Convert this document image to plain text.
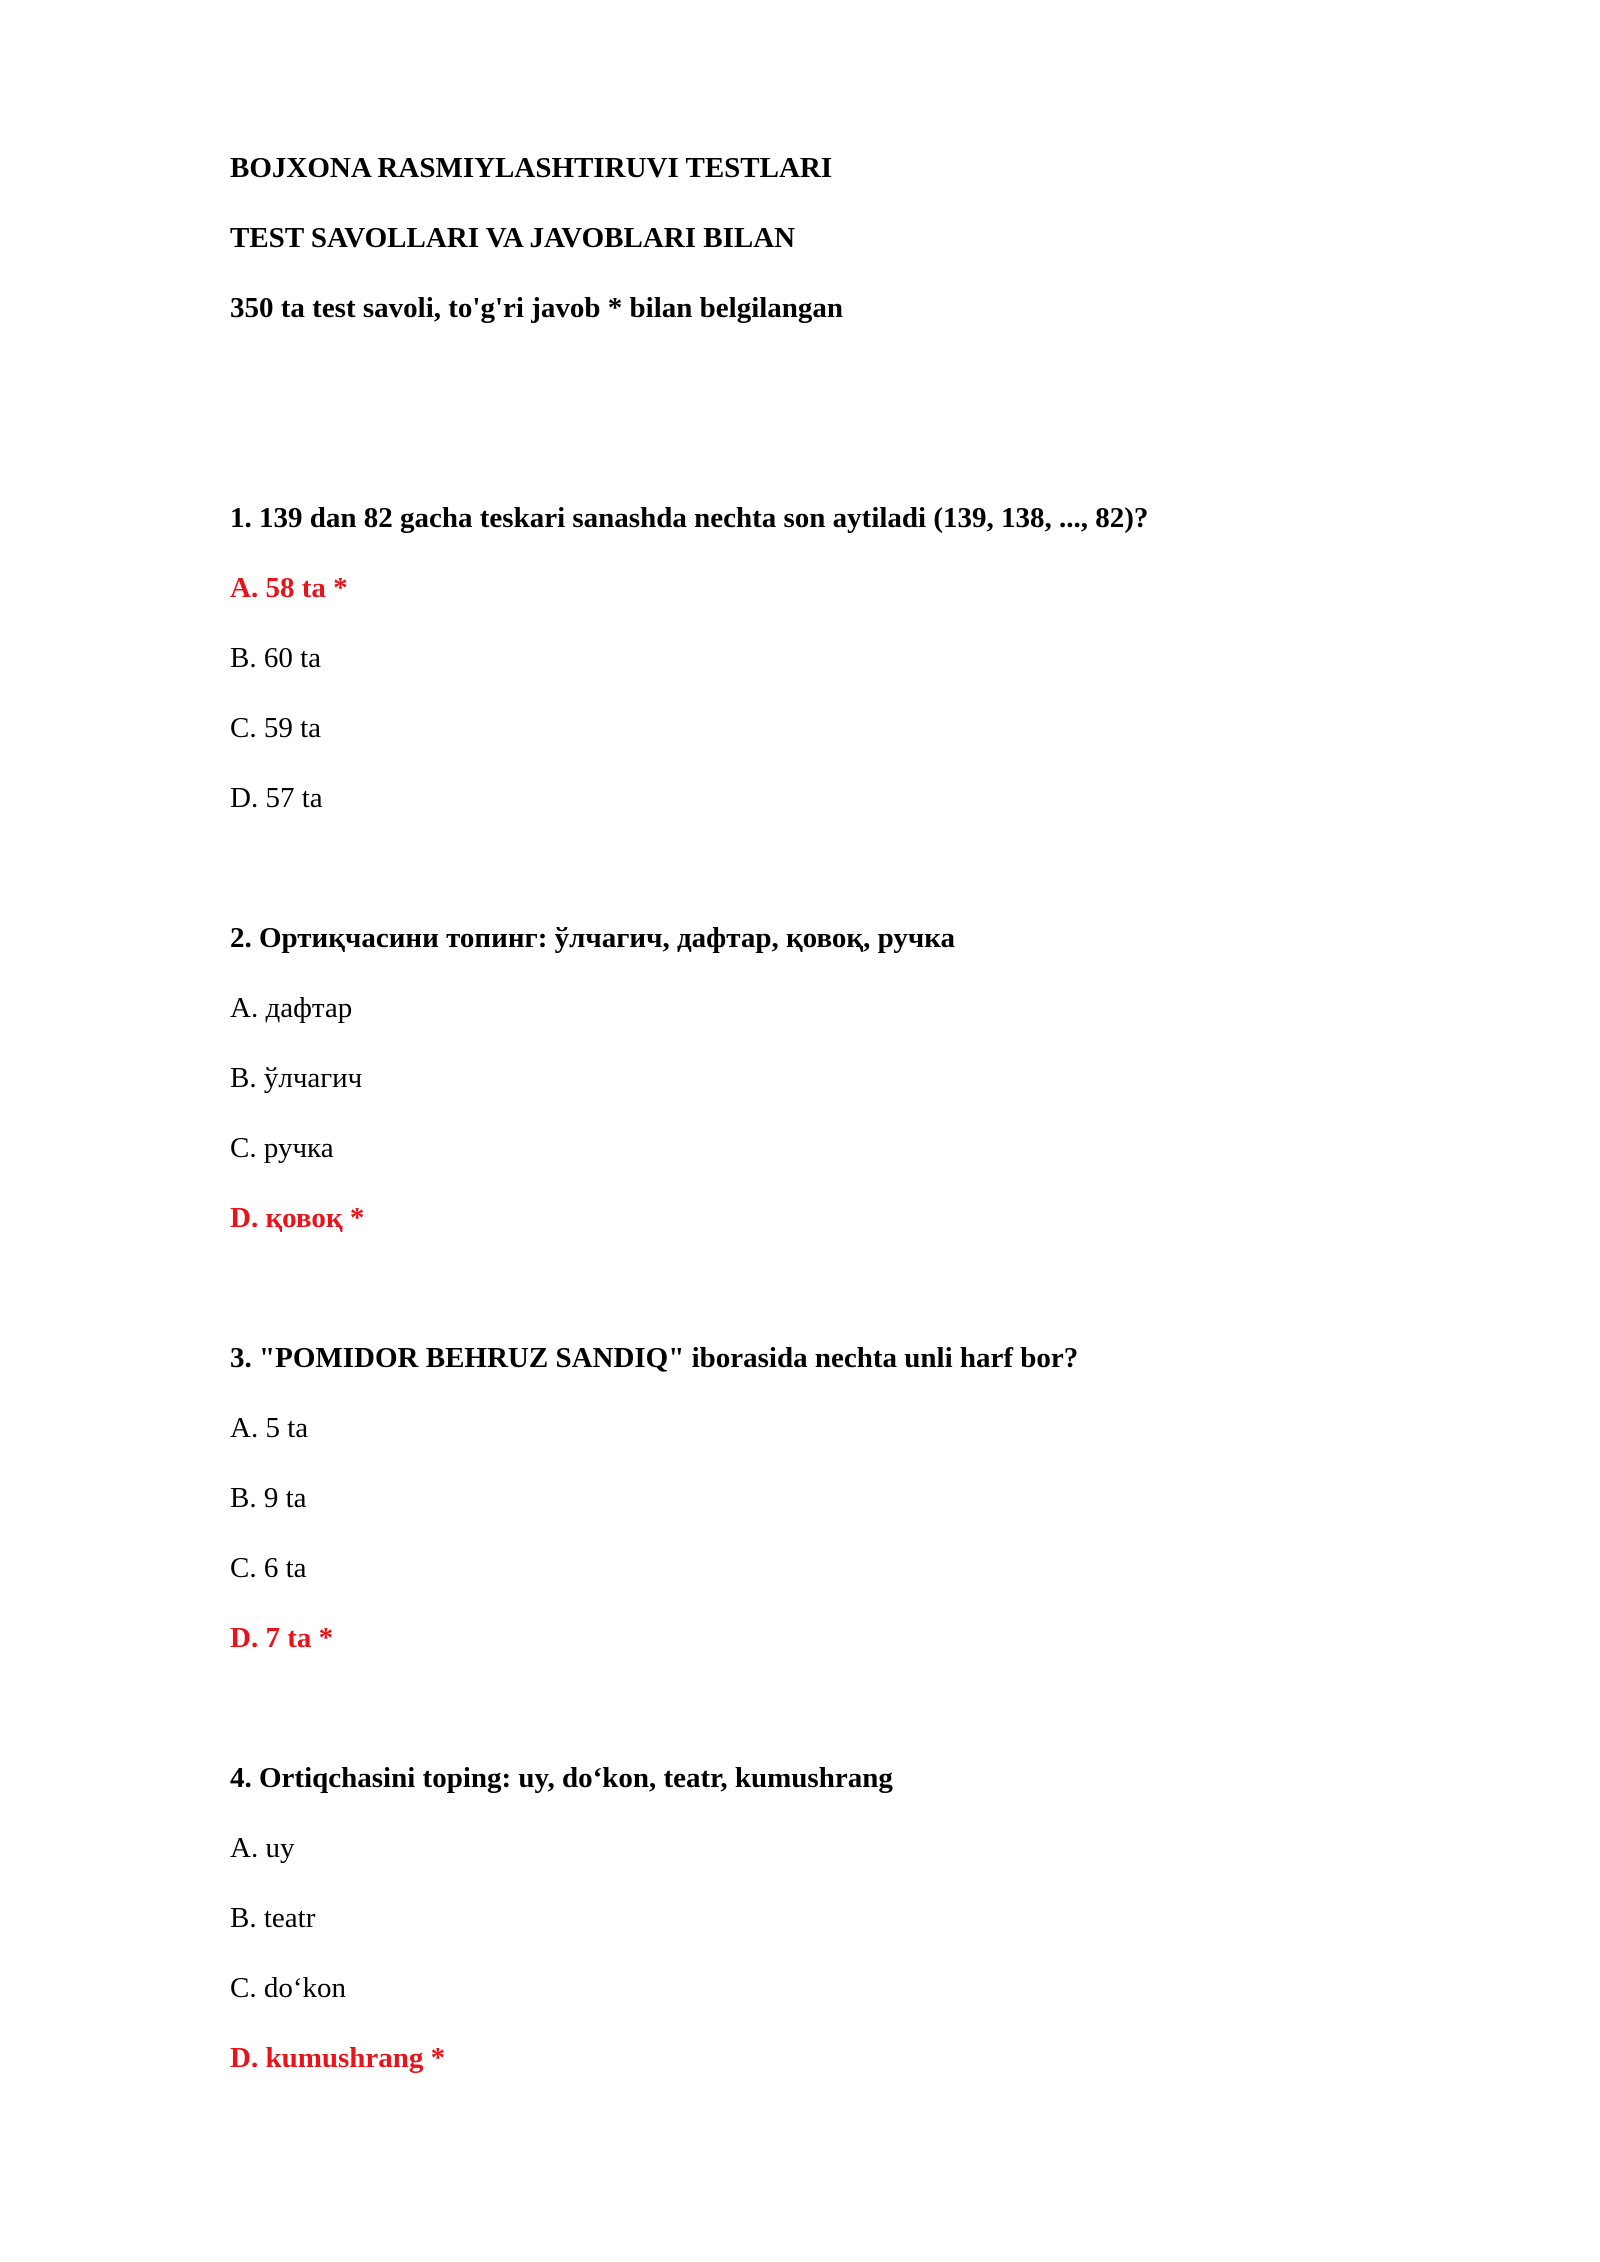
BOJXONA RASMIYLASHTIRUVI TESTLARI

TEST SAVOLLARI VA JAVOBLARI BILAN

350 ta test savoli, to'g'ri javob * bilan belgilangan

1. 139 dan 82 gacha teskari sanashda nechta son aytiladi (139, 138, ..., 82)?

A. 58 ta *

B. 60 ta

C. 59 ta

D. 57 ta

2. Ортиқчасини топинг: ўлчагич, дафтар, қовоқ, ручка

A. дафтар

B. ўлчагич

C. ручка

D. қовоқ *

3. "POMIDOR BEHRUZ SANDIQ" iborasida nechta unli harf bor?

A. 5 ta

B. 9 ta

C. 6 ta

D. 7 ta *

4. Ortiqchasini toping: uy, do‘kon, teatr, kumushrang

A. uy

B. teatr

C. do‘kon

D. kumushrang *
